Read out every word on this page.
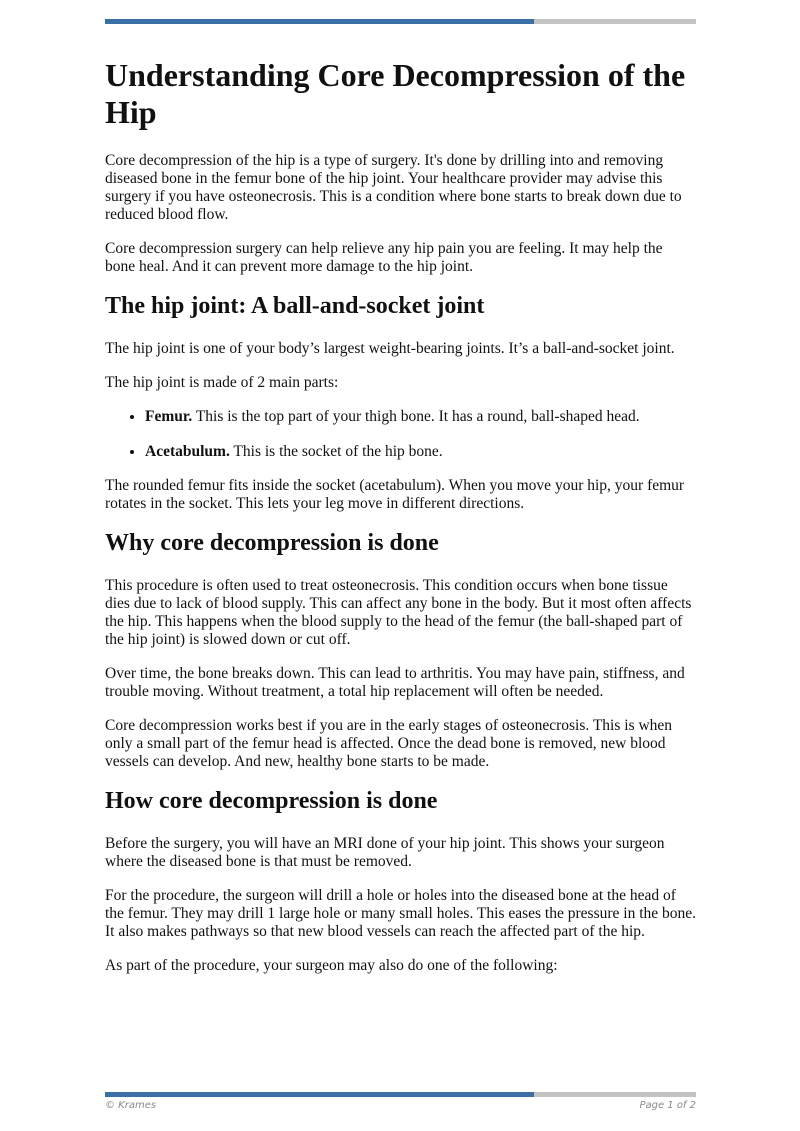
Understanding Core Decompression of the Hip

Core decompression of the hip is a type of surgery. It's done by drilling into and removing diseased bone in the femur bone of the hip joint. Your healthcare provider may advise this surgery if you have osteonecrosis. This is a condition where bone starts to break down due to reduced blood flow.

Core decompression surgery can help relieve any hip pain you are feeling. It may help the bone heal. And it can prevent more damage to the hip joint.

The hip joint: A ball-and-socket joint

The hip joint is one of your body’s largest weight-bearing joints. It’s a ball-and-socket joint.

The hip joint is made of 2 main parts:

• Femur. This is the top part of your thigh bone. It has a round, ball-shaped head.
• Acetabulum. This is the socket of the hip bone.

The rounded femur fits inside the socket (acetabulum). When you move your hip, your femur rotates in the socket. This lets your leg move in different directions.

Why core decompression is done

This procedure is often used to treat osteonecrosis. This condition occurs when bone tissue dies due to lack of blood supply. This can affect any bone in the body. But it most often affects the hip. This happens when the blood supply to the head of the femur (the ball-shaped part of the hip joint) is slowed down or cut off.

Over time, the bone breaks down. This can lead to arthritis. You may have pain, stiffness, and trouble moving. Without treatment, a total hip replacement will often be needed.

Core decompression works best if you are in the early stages of osteonecrosis. This is when only a small part of the femur head is affected. Once the dead bone is removed, new blood vessels can develop. And new, healthy bone starts to be made.

How core decompression is done

Before the surgery, you will have an MRI done of your hip joint. This shows your surgeon where the diseased bone is that must be removed.

For the procedure, the surgeon will drill a hole or holes into the diseased bone at the head of the femur. They may drill 1 large hole or many small holes. This eases the pressure in the bone. It also makes pathways so that new blood vessels can reach the affected part of the hip.

As part of the procedure, your surgeon may also do one of the following:

© Krames	Page 1 of 2
